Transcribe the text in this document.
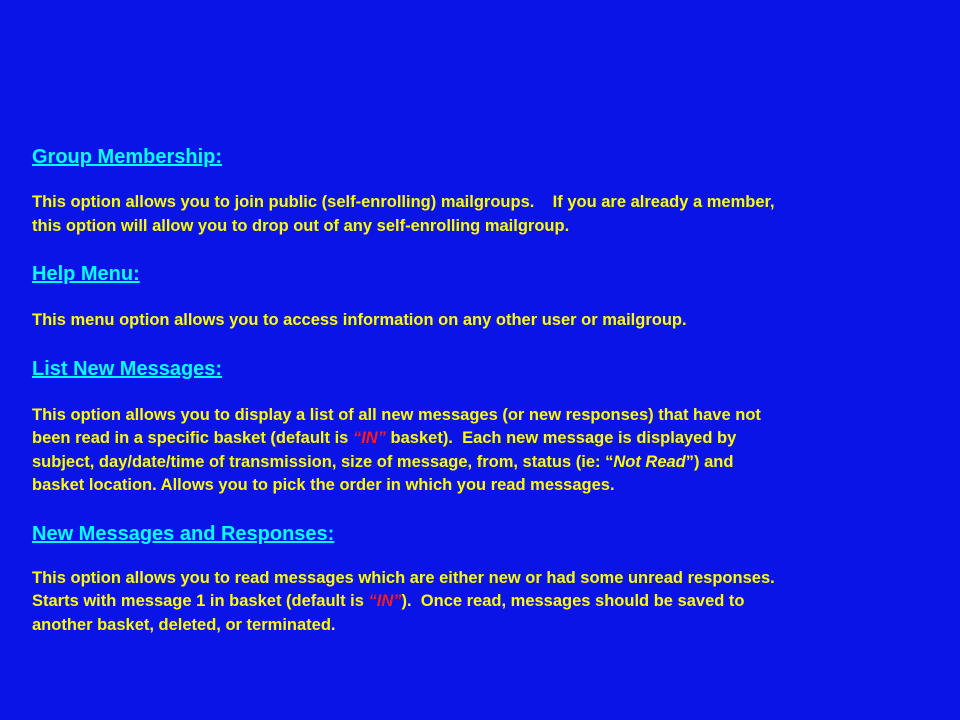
Group Membership:

This option allows you to join public (self-enrolling) mailgroups.    If you are already a member,
this option will allow you to drop out of any self-enrolling mailgroup.

Help Menu:

This menu option allows you to access information on any other user or mailgroup.

List New Messages:

This option allows you to display a list of all new messages (or new responses) that have not
been read in a specific basket (default is “IN” basket).  Each new message is displayed by
subject, day/date/time of transmission, size of message, from, status (ie: “Not Read”) and
basket location. Allows you to pick the order in which you read messages.

New Messages and Responses:

This option allows you to read messages which are either new or had some unread responses.
Starts with message 1 in basket (default is “IN”).  Once read, messages should be saved to
another basket, deleted, or terminated.
